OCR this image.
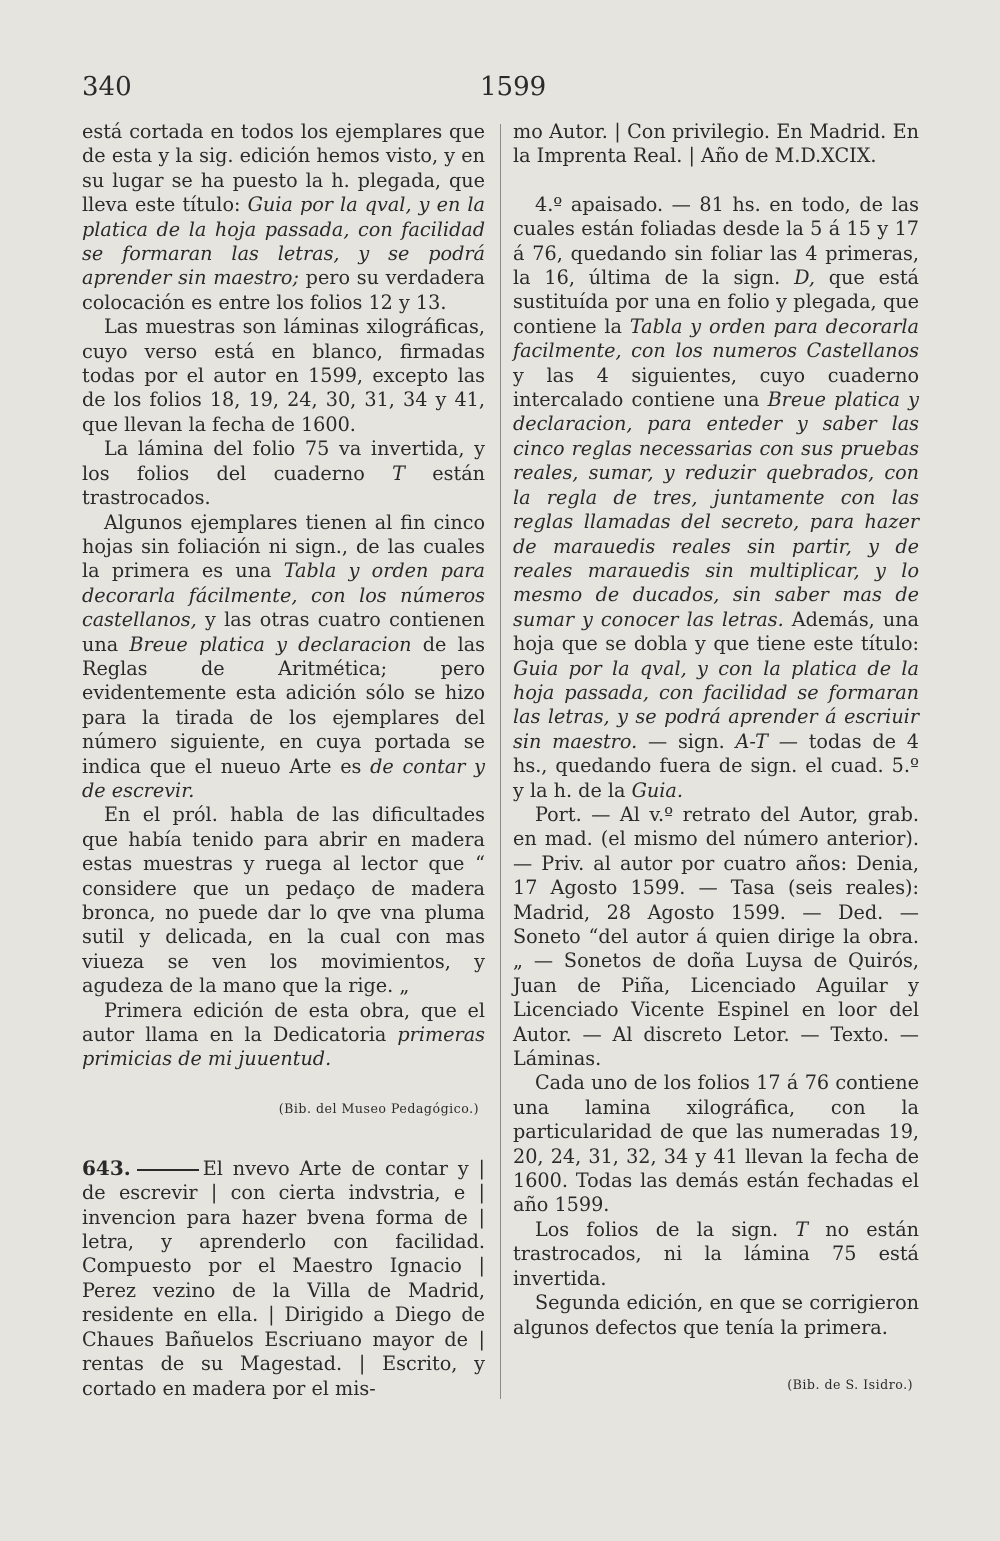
340	1599

está cortada en todos los ejemplares que de esta y la sig. edición hemos visto, y en su lugar se ha puesto la h. plegada, que lleva este título: Guia por la qval, y en la platica de la hoja passada, con facilidad se formaran las letras, y se podrá aprender sin maestro; pero su verdadera colocación es entre los folios 12 y 13.

Las muestras son láminas xilográficas, cuyo verso está en blanco, firmadas todas por el autor en 1599, excepto las de los folios 18, 19, 24, 30, 31, 34 y 41, que llevan la fecha de 1600.

La lámina del folio 75 va invertida, y los folios del cuaderno T están trastrocados.

Algunos ejemplares tienen al fin cinco hojas sin foliación ni sign., de las cuales la primera es una Tabla y orden para decorarla fácilmente, con los números castellanos, y las otras cuatro contienen una Breue platica y declaracion de las Reglas de Aritmética; pero evidentemente esta adición sólo se hizo para la tirada de los ejemplares del número siguiente, en cuya portada se indica que el nueuo Arte es de contar y de escrevir.

En el pról. habla de las dificultades que había tenido para abrir en madera estas muestras y ruega al lector que “ considere que un pedaço de madera bronca, no puede dar lo qve vna pluma sutil y delicada, en la cual con mas viueza se ven los movimientos, y agudeza de la mano que la rige. „

Primera edición de esta obra, que el autor llama en la Dedicatoria primeras primicias de mi juuentud.

(Bib. del Museo Pedagógico.)

643.	El nvevo Arte de contar y | de escrevir | con cierta indvstria, e | invencion para hazer bvena forma de | letra, y aprenderlo con facilidad. Compuesto por el Maestro Ignacio | Perez vezino de la Villa de Madrid, residente en ella. | Dirigido a Diego de Chaues Bañuelos Escriuano mayor de | rentas de su Magestad. | Escrito, y cortado en madera por el mis-

mo Autor. | Con privilegio. En Madrid. En la Imprenta Real. | Año de M.D.XCIX.

4.º apaisado. — 81 hs. en todo, de las cuales están foliadas desde la 5 á 15 y 17 á 76, quedando sin foliar las 4 primeras, la 16, última de la sign. D, que está sustituída por una en folio y plegada, que contiene la Tabla y orden para decorarla facilmente, con los numeros Castellanos y las 4 siguientes, cuyo cuaderno intercalado contiene una Breue platica y declaracion, para enteder y saber las cinco reglas necessarias con sus pruebas reales, sumar, y reduzir quebrados, con la regla de tres, juntamente con las reglas llamadas del secreto, para hazer de marauedis reales sin partir, y de reales marauedis sin multiplicar, y lo mesmo de ducados, sin saber mas de sumar y conocer las letras. Además, una hoja que se dobla y que tiene este título: Guia por la qval, y con la platica de la hoja passada, con facilidad se formaran las letras, y se podrá aprender á escriuir sin maestro. — sign. A-T — todas de 4 hs., quedando fuera de sign. el cuad. 5.º y la h. de la Guia.

Port. — Al v.º retrato del Autor, grab. en mad. (el mismo del número anterior). — Priv. al autor por cuatro años: Denia, 17 Agosto 1599. — Tasa (seis reales): Madrid, 28 Agosto 1599. — Ded. — Soneto “del autor á quien dirige la obra. „ — Sonetos de doña Luysa de Quirós, Juan de Piña, Licenciado Aguilar y Licenciado Vicente Espinel en loor del Autor. — Al discreto Letor. — Texto. — Láminas.

Cada uno de los folios 17 á 76 contiene una lamina xilográfica, con la particularidad de que las numeradas 19, 20, 24, 31, 32, 34 y 41 llevan la fecha de 1600. Todas las demás están fechadas el año 1599.

Los folios de la sign. T no están trastrocados, ni la lámina 75 está invertida.

Segunda edición, en que se corrigieron algunos defectos que tenía la primera.

(Bib. de S. Isidro.)
